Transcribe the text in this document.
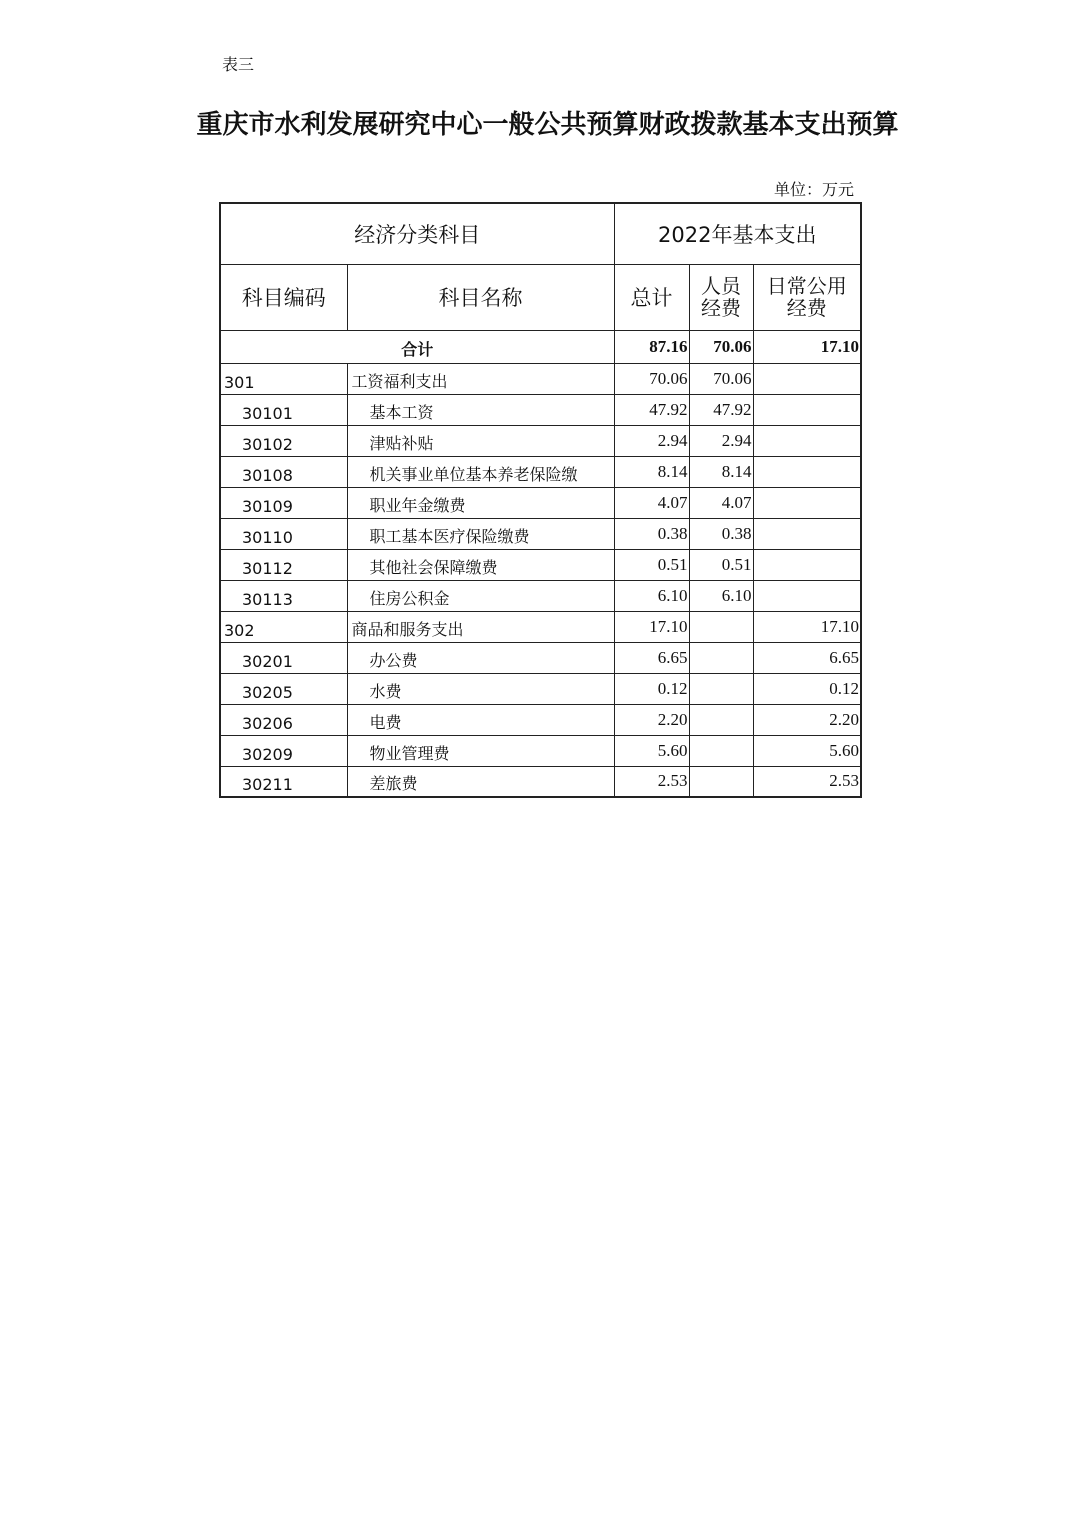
表三
重庆市水利发展研究中心一般公共预算财政拨款基本支出预算
单位：万元
经济分类科目		2022年基本支出		
科目编码	科目名称	总计	人员经费	日常公用经费

合计		87.16	70.06	17.10
301	工资福利支出	70.06	70.06	
30101	基本工资	47.92	47.92	
30102	津贴补贴	2.94	2.94	
30108	机关事业单位基本养老保险缴	8.14	8.14	
30109	职业年金缴费	4.07	4.07	
30110	职工基本医疗保险缴费	0.38	0.38	
30112	其他社会保障缴费	0.51	0.51	
30113	住房公积金	6.10	6.10	
302	商品和服务支出	17.10		17.10
30201	办公费	6.65		6.65
30205	水费	0.12		0.12
30206	电费	2.20		2.20
30209	物业管理费	5.60		5.60
30211	差旅费	2.53		2.53
